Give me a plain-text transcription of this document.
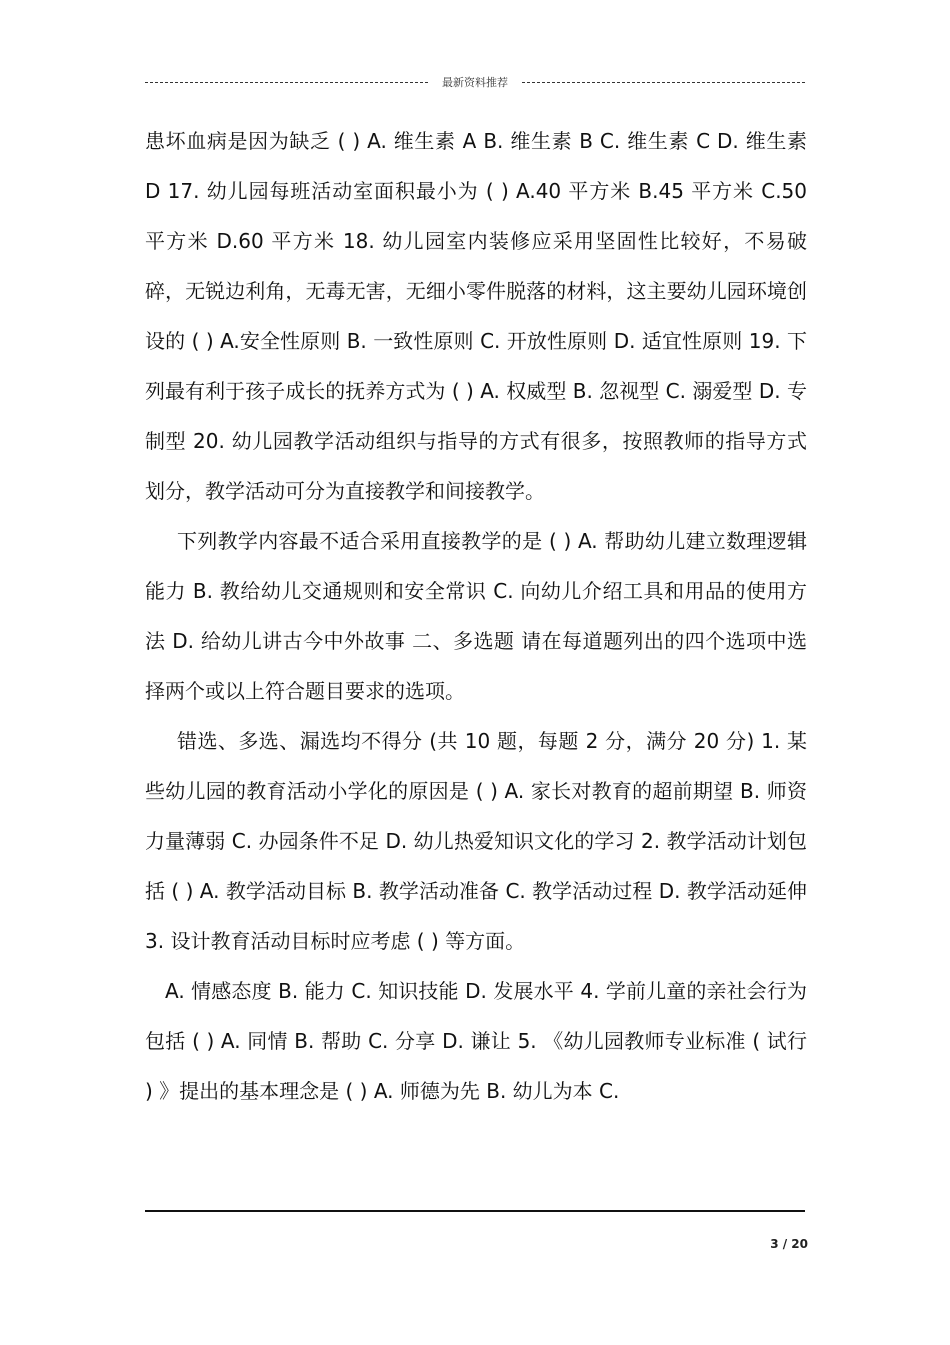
最新资料推荐

患坏血病是因为缺乏 ( ) A. 维生素 A B. 维生素 B C. 维生素 C D. 维生素 D 17. 幼儿园每班活动室面积最小为 ( ) A.40 平方米 B.45 平方米 C.50 平方米 D.60 平方米 18. 幼儿园室内装修应采用坚固性比较好，不易破碎，无锐边利角，无毒无害，无细小零件脱落的材料，这主要幼儿园环境创设的 ( ) A.安全性原则 B. 一致性原则 C. 开放性原则 D. 适宜性原则 19. 下列最有利于孩子成长的抚养方式为 ( ) A. 权威型 B. 忽视型 C. 溺爱型 D. 专制型 20. 幼儿园教学活动组织与指导的方式有很多，按照教师的指导方式划分，教学活动可分为直接教学和间接教学。

下列教学内容最不适合采用直接教学的是 ( ) A. 帮助幼儿建立数理逻辑能力 B. 教给幼儿交通规则和安全常识 C. 向幼儿介绍工具和用品的使用方法 D. 给幼儿讲古今中外故事 二、多选题 请在每道题列出的四个选项中选择两个或以上符合题目要求的选项。

错选、多选、漏选均不得分 (共 10 题，每题 2 分，满分 20 分) 1. 某些幼儿园的教育活动小学化的原因是 ( ) A. 家长对教育的超前期望 B. 师资力量薄弱 C. 办园条件不足 D. 幼儿热爱知识文化的学习 2. 教学活动计划包括 ( ) A. 教学活动目标 B. 教学活动准备 C. 教学活动过程 D. 教学活动延伸 3. 设计教育活动目标时应考虑 ( ) 等方面。

A. 情感态度 B. 能力 C. 知识技能 D. 发展水平 4. 学前儿童的亲社会行为包括 ( ) A. 同情 B. 帮助 C. 分享 D. 谦让 5. 《幼儿园教师专业标准 ( 试行 ) 》提出的基本理念是 ( ) A. 师德为先 B. 幼儿为本 C.

3 / 20
